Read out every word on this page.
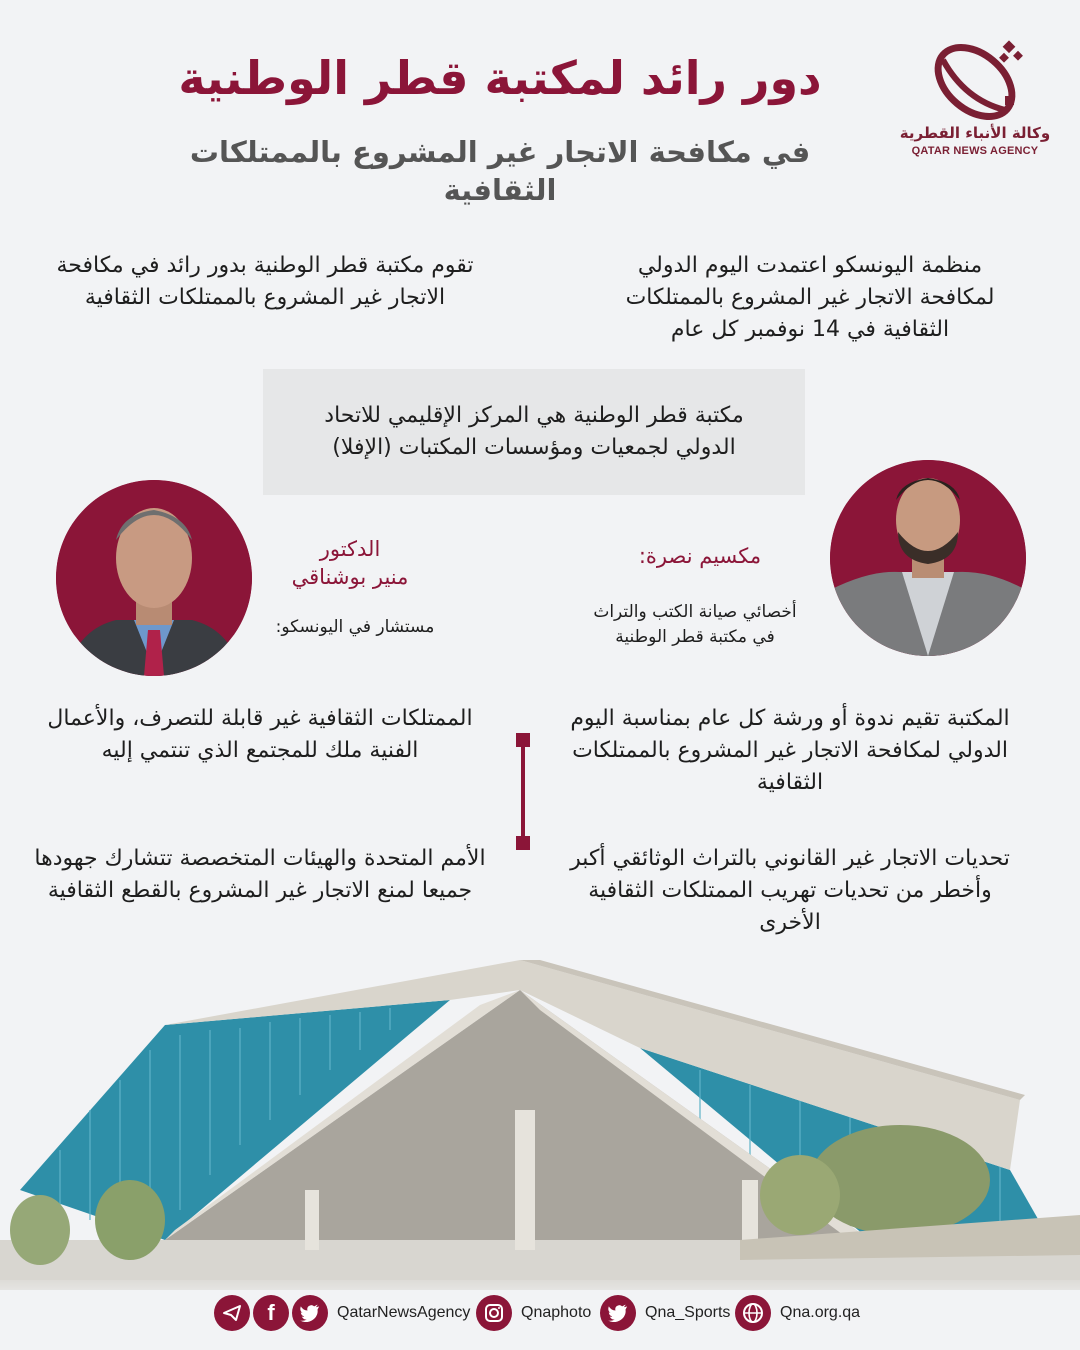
وكالة الأنباء القطرية
QATAR NEWS AGENCY
دور رائد لمكتبة قطر الوطنية
في مكافحة الاتجار غير المشروع بالممتلكات الثقافية
منظمة اليونسكو اعتمدت اليوم الدولي لمكافحة الاتجار غير المشروع بالممتلكات الثقافية في 14 نوفمبر كل عام
تقوم مكتبة قطر الوطنية بدور رائد في مكافحة الاتجار غير المشروع بالممتلكات الثقافية
مكتبة قطر الوطنية هي المركز الإقليمي للاتحاد الدولي لجمعيات ومؤسسات المكتبات (الإفلا)
الدكتور
منير بوشناقي
مستشار في اليونسكو:
مكسيم نصرة:
أخصائي صيانة الكتب والتراث
في مكتبة قطر الوطنية
المكتبة تقيم ندوة أو ورشة كل عام بمناسبة اليوم الدولي لمكافحة الاتجار غير المشروع بالممتلكات الثقافية
الممتلكات الثقافية غير قابلة للتصرف، والأعمال الفنية ملك للمجتمع الذي تنتمي إليه
تحديات الاتجار غير القانوني بالتراث الوثائقي أكبر وأخطر من تحديات تهريب الممتلكات الثقافية الأخرى
الأمم المتحدة والهيئات المتخصصة تتشارك جهودها جميعا لمنع الاتجار غير المشروع بالقطع الثقافية
f	QatarNewsAgency	Qnaphoto	Qna_Sports	Qna.org.qa
